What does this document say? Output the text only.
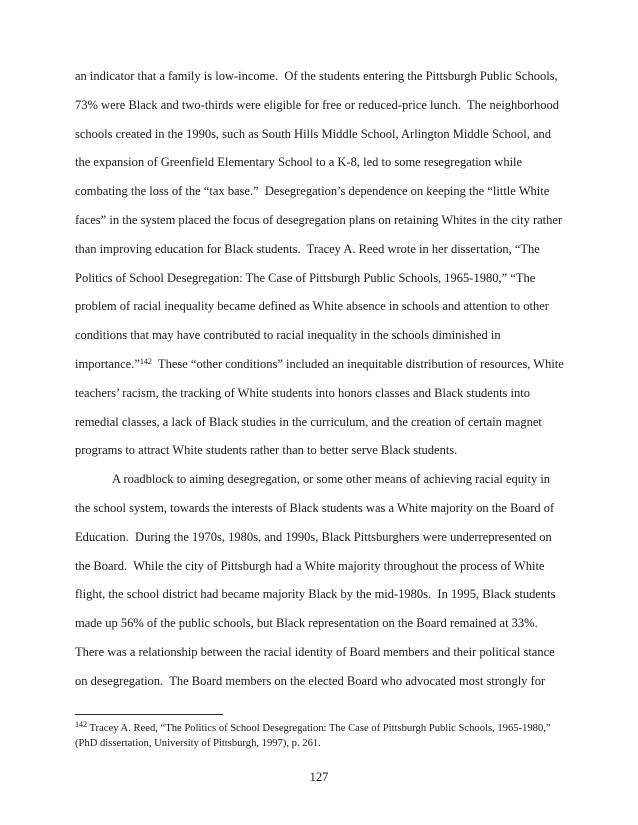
an indicator that a family is low-income.  Of the students entering the Pittsburgh Public Schools, 73% were Black and two-thirds were eligible for free or reduced-price lunch.  The neighborhood schools created in the 1990s, such as South Hills Middle School, Arlington Middle School, and the expansion of Greenfield Elementary School to a K-8, led to some resegregation while combating the loss of the “tax base.”  Desegregation’s dependence on keeping the “little White faces” in the system placed the focus of desegregation plans on retaining Whites in the city rather than improving education for Black students.  Tracey A. Reed wrote in her dissertation, “The Politics of School Desegregation: The Case of Pittsburgh Public Schools, 1965-1980,” “The problem of racial inequality became defined as White absence in schools and attention to other conditions that may have contributed to racial inequality in the schools diminished in importance.”$^{142}$  These “other conditions” included an inequitable distribution of resources, White teachers’ racism, the tracking of White students into honors classes and Black students into remedial classes, a lack of Black studies in the curriculum, and the creation of certain magnet programs to attract White students rather than to better serve Black students.

A roadblock to aiming desegregation, or some other means of achieving racial equity in the school system, towards the interests of Black students was a White majority on the Board of Education.  During the 1970s, 1980s, and 1990s, Black Pittsburghers were underrepresented on the Board.  While the city of Pittsburgh had a White majority throughout the process of White flight, the school district had became majority Black by the mid-1980s.  In 1995, Black students made up 56% of the public schools, but Black representation on the Board remained at 33%.  There was a relationship between the racial identity of Board members and their political stance on desegregation.  The Board members on the elected Board who advocated most strongly for

$^{142}$ Tracey A. Reed, “The Politics of School Desegregation: The Case of Pittsburgh Public Schools, 1965-1980,” (PhD dissertation, University of Pittsburgh, 1997), p. 261.

127
